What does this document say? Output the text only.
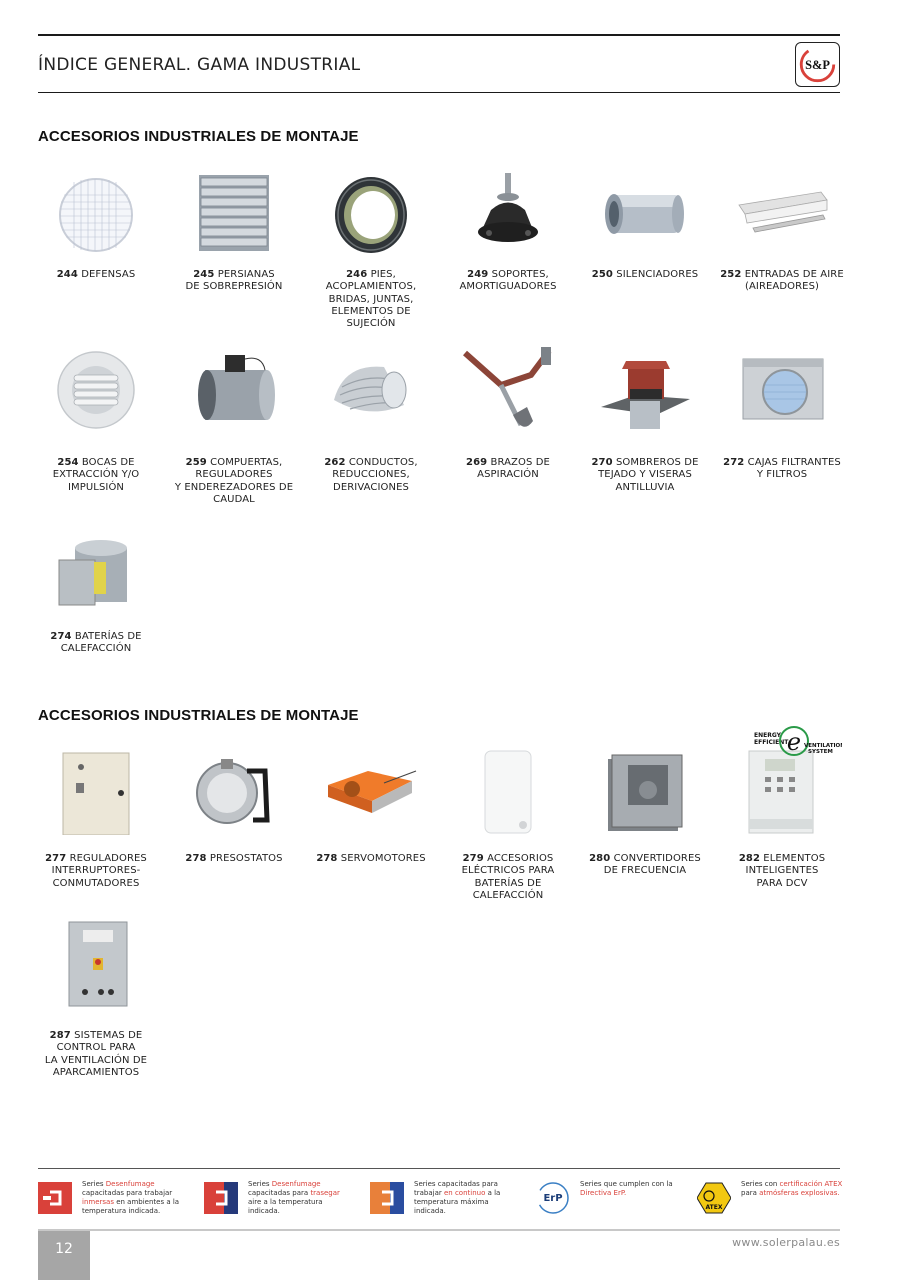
ÍNDICE GENERAL. GAMA INDUSTRIAL	S&P
ACCESORIOS INDUSTRIALES DE MONTAJE
ACCESORIOS INDUSTRIALES DE MONTAJE
244 DEFENSAS	245 PERSIANAS
DE SOBREPRESIÓN
246 PIES,
ACOPLAMIENTOS,
BRIDAS, JUNTAS,
ELEMENTOS DE
SUJECIÓN
249 SOPORTES,
AMORTIGUADORES
250 SILENCIADORES	252 ENTRADAS DE AIRE
(AIREADORES)
254 BOCAS DE
EXTRACCIÓN Y/O
IMPULSIÓN
259 COMPUERTAS,
REGULADORES
Y ENDEREZADORES DE
CAUDAL
262 CONDUCTOS,
REDUCCIONES,
DERIVACIONES
269 BRAZOS DE
ASPIRACIÓN
270 SOMBREROS DE
TEJADO Y VISERAS
ANTILLUVIA
272 CAJAS FILTRANTES
Y FILTROS
274 BATERÍAS DE
CALEFACCIÓN
277 REGULADORES
INTERRUPTORES-
CONMUTADORES
278 PRESOSTATOS	278 SERVOMOTORES	279 ACCESORIOS
ELÉCTRICOS PARA
BATERÍAS DE
CALEFACCIÓN
280 CONVERTIDORES
DE FRECUENCIA
282 ELEMENTOS
INTELIGENTES
PARA DCV
ENERGY
EFFICIENT
e VENTILATION
SYSTEM
287 SISTEMAS DE
CONTROL PARA
LA VENTILACIÓN DE
APARCAMIENTOS
Series Desenfumage capacitadas para trabajar inmersas en ambientes a la temperatura indicada.
Series Desenfumage capacitadas para trasegar aire a la temperatura indicada.
Series capacitadas para trabajar en continuo a la temperatura máxima indicada.
ErP
Series que cumplen con la Directiva ErP.
ATEX
Series con certificación ATEX para atmósferas explosivas.
12	www.solerpalau.es
